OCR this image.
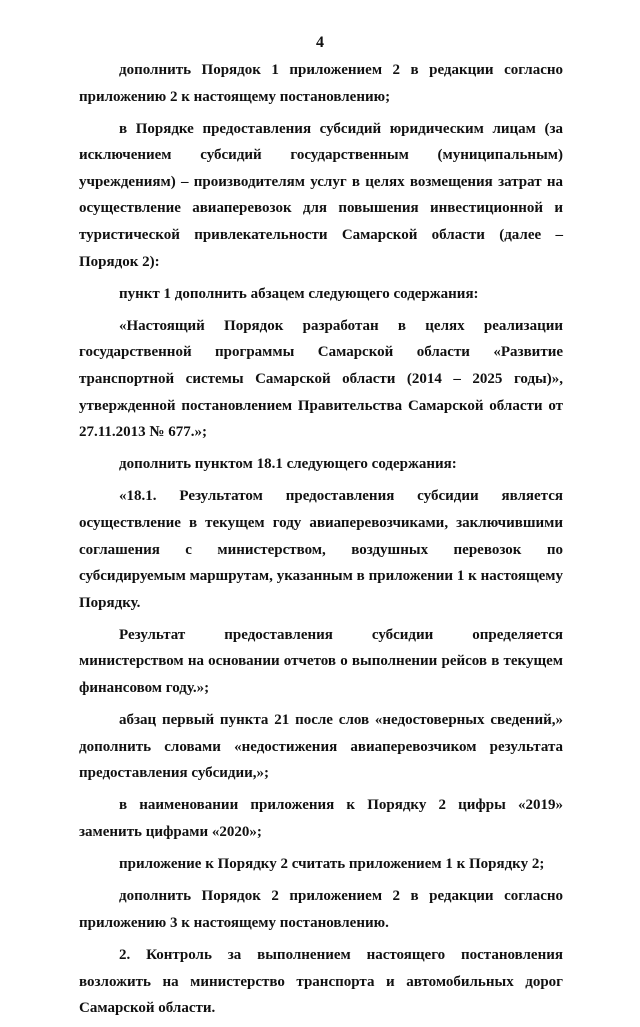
4

дополнить Порядок 1 приложением 2 в редакции согласно приложению 2 к настоящему постановлению;

в Порядке предоставления субсидий юридическим лицам (за исключением субсидий государственным (муниципальным) учреждениям) – производителям услуг в целях возмещения затрат на осуществление авиаперевозок для повышения инвестиционной и туристической привлекательности Самарской области (далее – Порядок 2):

пункт 1 дополнить абзацем следующего содержания:

«Настоящий Порядок разработан в целях реализации государственной программы Самарской области «Развитие транспортной системы Самарской области (2014 – 2025 годы)», утвержденной постановлением Правительства Самарской области от 27.11.2013 № 677.»;

дополнить пунктом 18.1 следующего содержания:

«18.1. Результатом предоставления субсидии является осуществление в текущем году авиаперевозчиками, заключившими соглашения с министерством, воздушных перевозок по субсидируемым маршрутам, указанным в приложении 1 к настоящему Порядку.

Результат предоставления субсидии определяется министерством на основании отчетов о выполнении рейсов в текущем финансовом году.»;

абзац первый пункта 21 после слов «недостоверных сведений,» дополнить словами «недостижения авиаперевозчиком результата предоставления субсидии,»;

в наименовании приложения к Порядку 2 цифры «2019» заменить цифрами «2020»;

приложение к Порядку 2 считать приложением 1 к Порядку 2;

дополнить Порядок 2 приложением 2 в редакции согласно приложению 3 к настоящему постановлению.

2. Контроль за выполнением настоящего постановления возложить на министерство транспорта и автомобильных дорог Самарской области.
